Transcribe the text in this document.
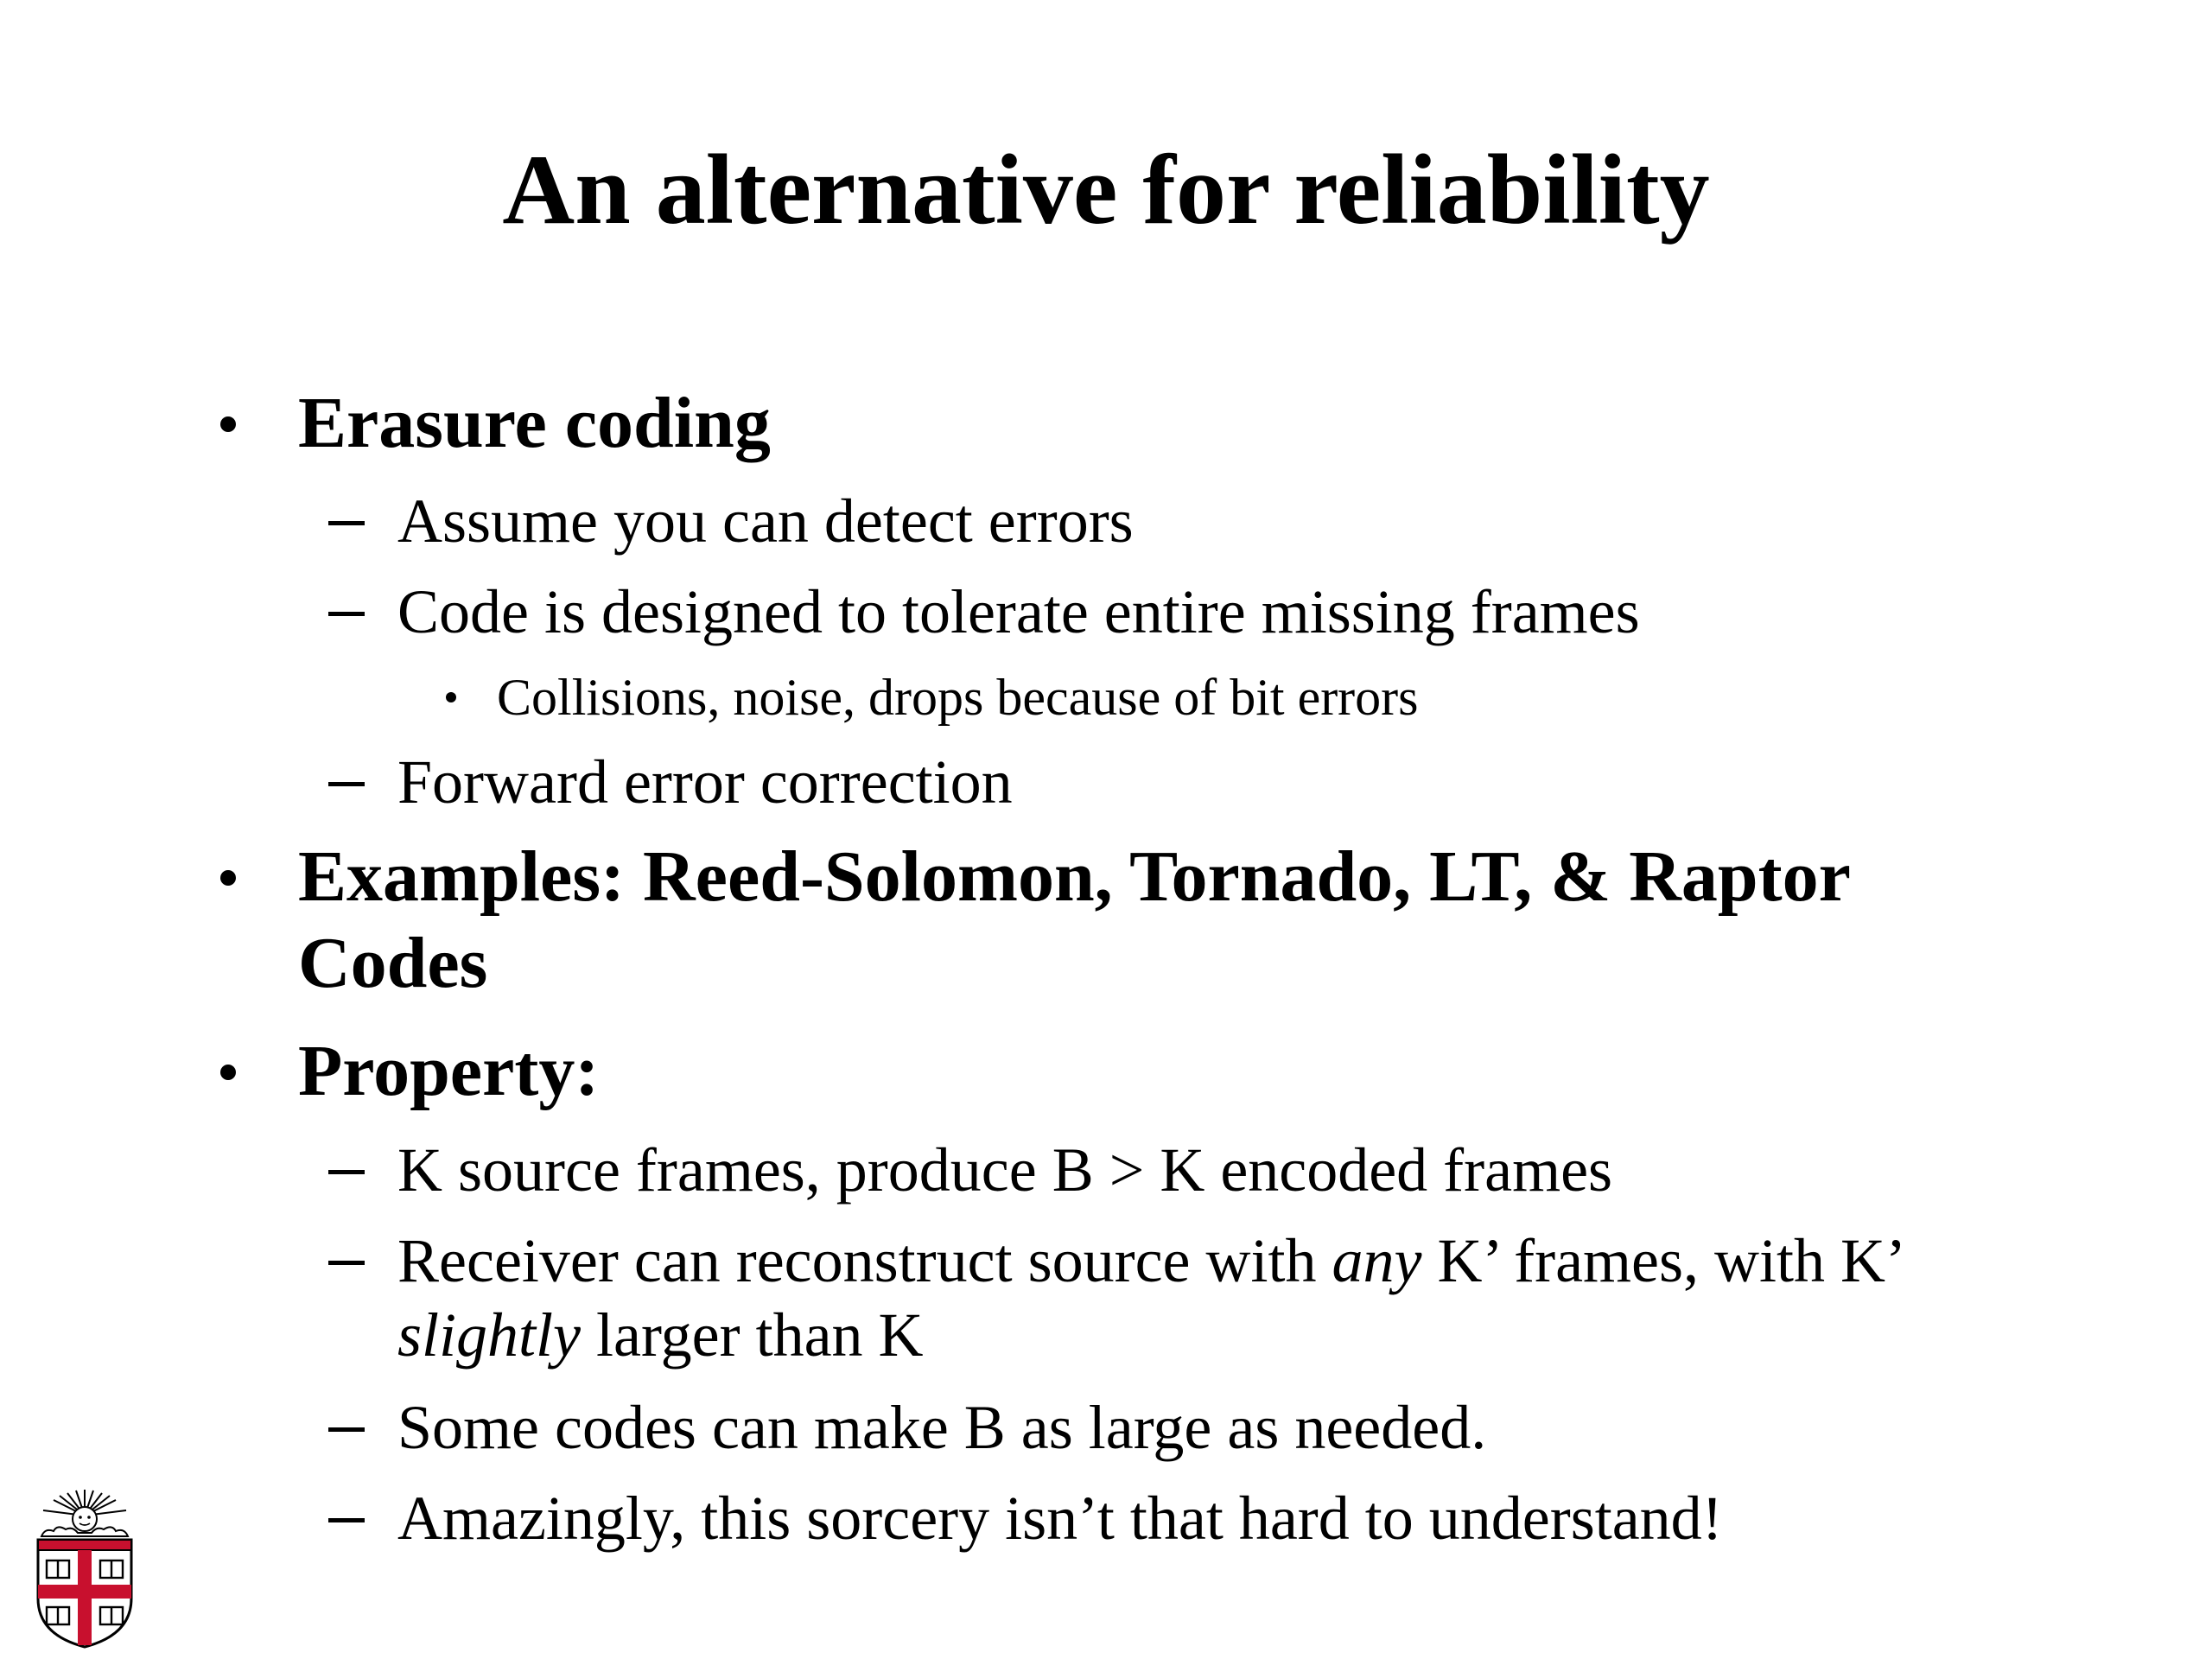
An alternative for reliability
Erasure coding
Assume you can detect errors
Code is designed to tolerate entire missing frames
Collisions, noise, drops because of bit errors
Forward error correction
Examples: Reed-Solomon, Tornado, LT, & Raptor
Codes
Property:
K source frames, produce B > K encoded frames
Receiver can reconstruct source with any K’ frames, with K’
slightly larger than K
Some codes can make B as large as needed.
Amazingly, this sorcery isn’t that hard to understand!
